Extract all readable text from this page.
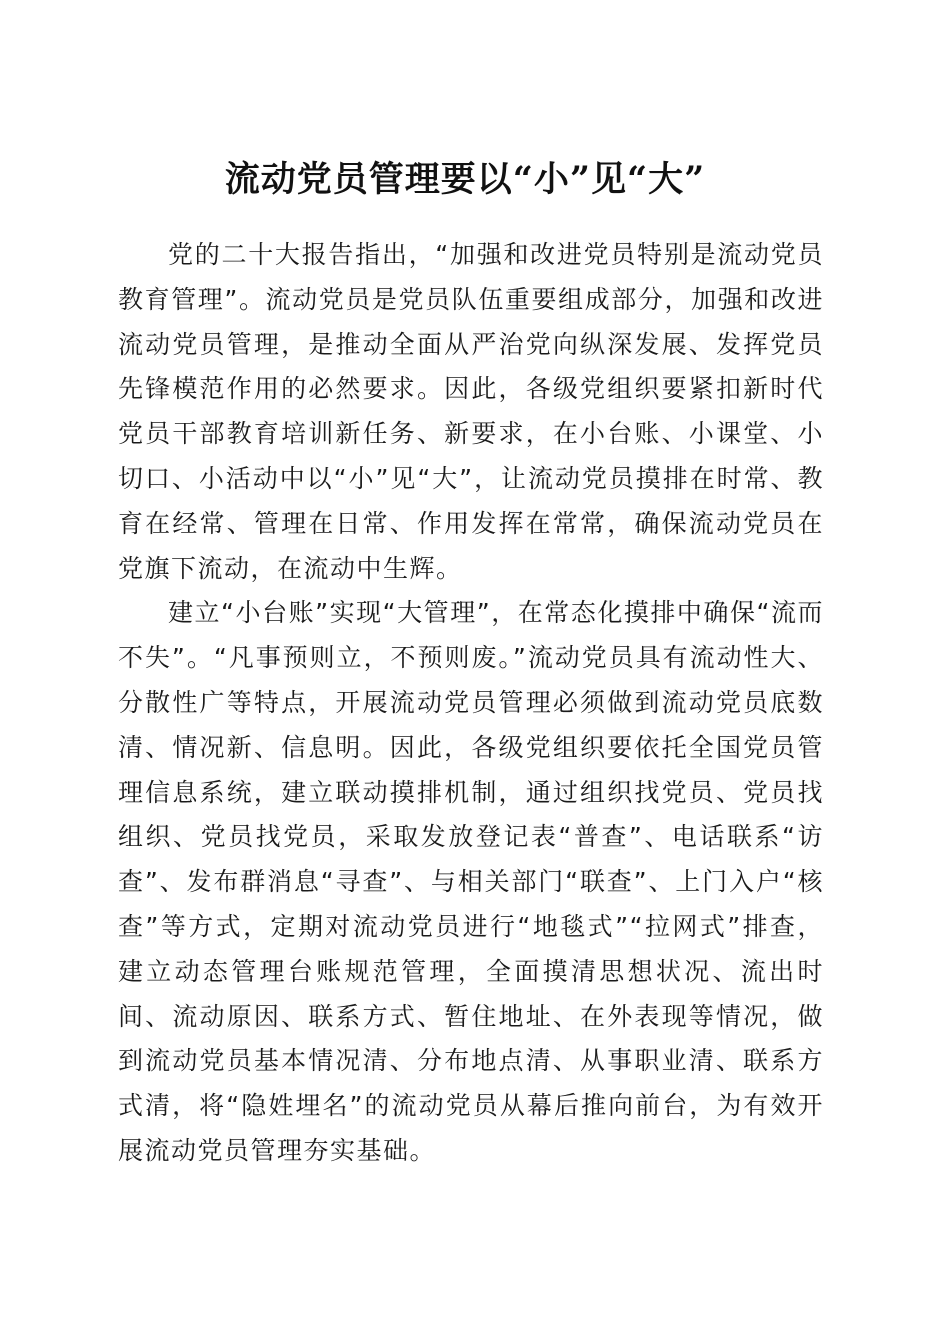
流动党员管理要以“小”见“大”

党的二十大报告指出，“加强和改进党员特别是流动党员教育管理”。流动党员是党员队伍重要组成部分，加强和改进流动党员管理，是推动全面从严治党向纵深发展、发挥党员先锋模范作用的必然要求。因此，各级党组织要紧扣新时代党员干部教育培训新任务、新要求，在小台账、小课堂、小切口、小活动中以“小”见“大”，让流动党员摸排在时常、教育在经常、管理在日常、作用发挥在常常，确保流动党员在党旗下流动，在流动中生辉。

建立“小台账”实现“大管理”，在常态化摸排中确保“流而不失”。“凡事预则立，不预则废。”流动党员具有流动性大、分散性广等特点，开展流动党员管理必须做到流动党员底数清、情况新、信息明。因此，各级党组织要依托全国党员管理信息系统，建立联动摸排机制，通过组织找党员、党员找组织、党员找党员，采取发放登记表“普查”、电话联系“访查”、发布群消息“寻查”、与相关部门“联查”、上门入户“核查”等方式，定期对流动党员进行“地毯式”“拉网式”排查，建立动态管理台账规范管理，全面摸清思想状况、流出时间、流动原因、联系方式、暂住地址、在外表现等情况，做到流动党员基本情况清、分布地点清、从事职业清、联系方式清，将“隐姓埋名”的流动党员从幕后推向前台，为有效开展流动党员管理夯实基础。
